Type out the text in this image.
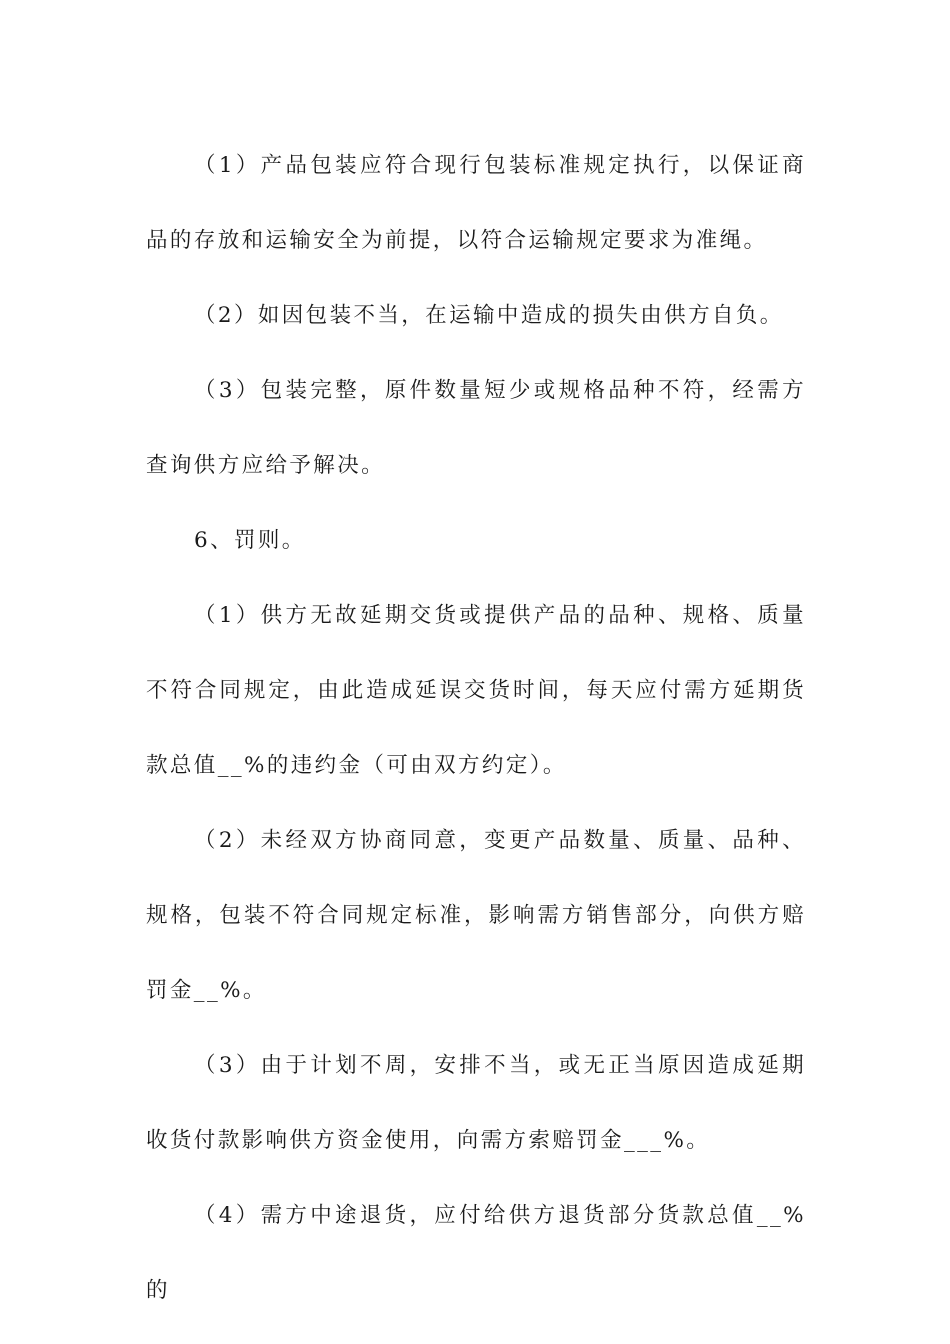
（1）产品包装应符合现行包装标准规定执行，以保证商品的存放和运输安全为前提，以符合运输规定要求为准绳。

（2）如因包装不当，在运输中造成的损失由供方自负。

（3）包装完整，原件数量短少或规格品种不符，经需方查询供方应给予解决。

6、罚则。

（1）供方无故延期交货或提供产品的品种、规格、质量不符合同规定，由此造成延误交货时间，每天应付需方延期货款总值__%的违约金（可由双方约定）。

（2）未经双方协商同意，变更产品数量、质量、品种、规格，包装不符合同规定标准，影响需方销售部分，向供方赔罚金__%。

（3）由于计划不周，安排不当，或无正当原因造成延期收货付款影响供方资金使用，向需方索赔罚金___%。

（4）需方中途退货，应付给供方退货部分货款总值__%的
